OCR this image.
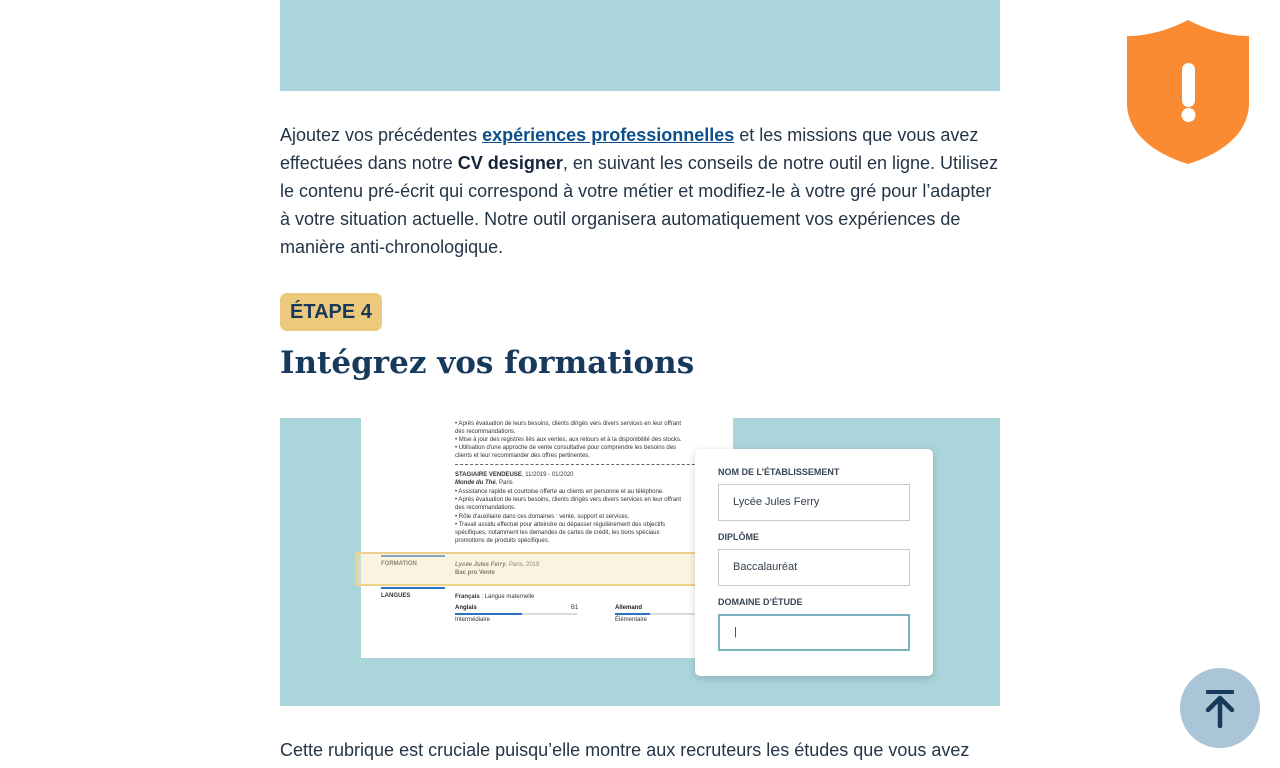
Ajoutez vos précédentes expériences professionnelles et les missions que vous avez effectuées dans notre CV designer, en suivant les conseils de notre outil en ligne. Utilisez le contenu pré-écrit qui correspond à votre métier et modifiez-le à votre gré pour l’adapter à votre situation actuelle. Notre outil organisera automatiquement vos expériences de manière anti-chronologique.

ÉTAPE 4
Intégrez vos formations
• Après évaluation de leurs besoins, clients dirigés vers divers services en leur offrant
des recommandations.
• Mise à jour des registres liés aux ventes, aux retours et à la disponibilité des stocks.
• Utilisation d'une approche de vente consultative pour comprendre les besoins des
clients et leur recommander des offres pertinentes.
STAGIAIRE VENDEUSE, 11/2019 - 01/2020
Monde du Thé, Paris
• Assistance rapide et courtoise offerte au clients en personne et au téléphone.
• Après évaluation de leurs besoins, clients dirigés vers divers services en leur offrant
des recommandations.
• Rôle d'auxiliaire dans ces domaines : vente, support et services.
• Travail assidu effectué pour atteindre ou dépasser régulièrement des objectifs
spécifiques, notamment les demandes de cartes de crédit, les bons spéciaux
promotions de produits spécifiques.
FORMATION	Lycée Jules Ferry, Paris, 2019
Bac pro Vente
LANGUES	Français : Langue maternelle
Anglais	B1
Intermédiaire
Allemand
Élémentaire
NOM DE L’ÉTABLISSEMENT
Lycée Jules Ferry
DIPLÔME
Baccalauréat
DOMAINE D’ÉTUDE
|

Cette rubrique est cruciale puisqu’elle montre aux recruteurs les études que vous avez
